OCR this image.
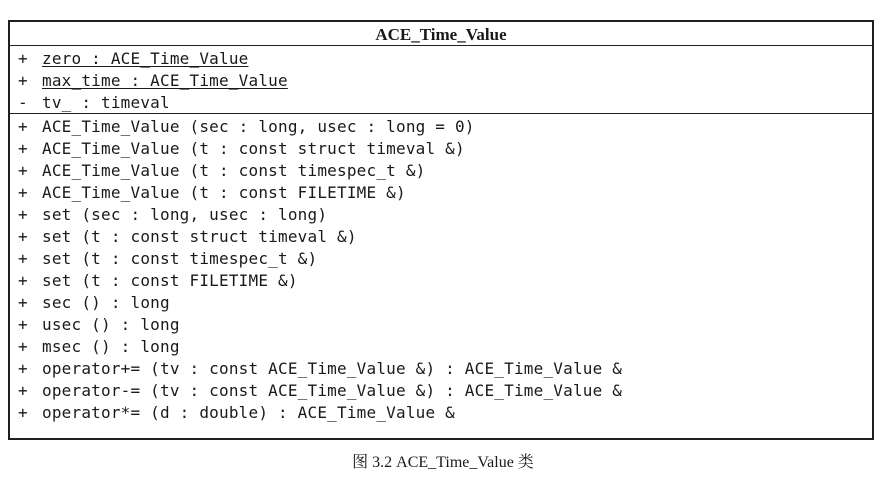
ACE_Time_Value
+ zero : ACE_Time_Value
+ max_time : ACE_Time_Value
- tv_ : timeval
+ ACE_Time_Value (sec : long, usec : long = 0)
+ ACE_Time_Value (t : const struct timeval &)
+ ACE_Time_Value (t : const timespec_t &)
+ ACE_Time_Value (t : const FILETIME &)
+ set (sec : long, usec : long)
+ set (t : const struct timeval &)
+ set (t : const timespec_t &)
+ set (t : const FILETIME &)
+ sec () : long
+ usec () : long
+ msec () : long
+ operator+= (tv : const ACE_Time_Value &) : ACE_Time_Value &
+ operator-= (tv : const ACE_Time_Value &) : ACE_Time_Value &
+ operator*= (d : double) : ACE_Time_Value &
图 3.2 ACE_Time_Value 类
